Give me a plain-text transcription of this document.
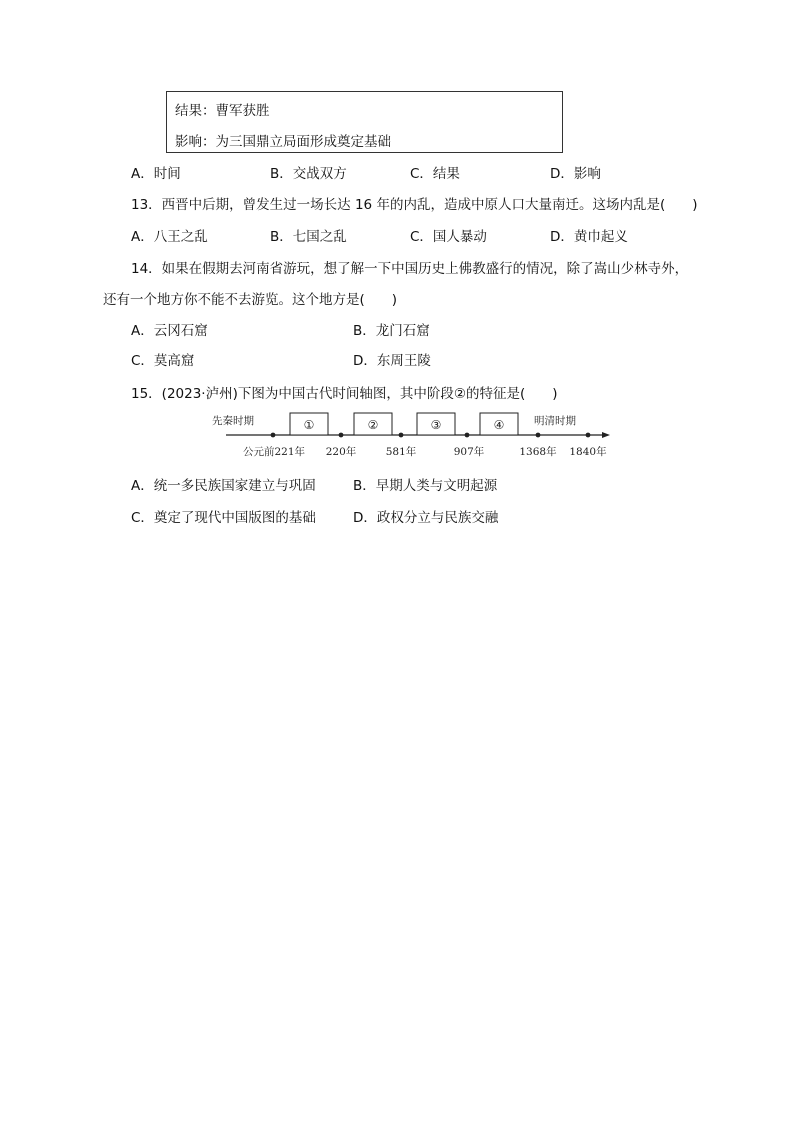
结果：曹军获胜
影响：为三国鼎立局面形成奠定基础
A．时间	B．交战双方	C．结果	D．影响
13．西晋中后期，曾发生过一场长达 16 年的内乱，造成中原人口大量南迁。这场内乱是(　　)
A．八王之乱	B．七国之乱	C．国人暴动	D．黄巾起义
14．如果在假期去河南省游玩，想了解一下中国历史上佛教盛行的情况，除了嵩山少林寺外，
还有一个地方你不能不去游览。这个地方是(　　)
A．云冈石窟	B．龙门石窟
C．莫高窟	D．东周王陵
15．(2023·泸州)下图为中国古代时间轴图，其中阶段②的特征是(　　)
先秦时期	明清时期
①	②	③	④
公元前221年 220年	581年	907年	1368年 1840年
A．统一多民族国家建立与巩固	B．早期人类与文明起源
C．奠定了现代中国版图的基础	D．政权分立与民族交融
